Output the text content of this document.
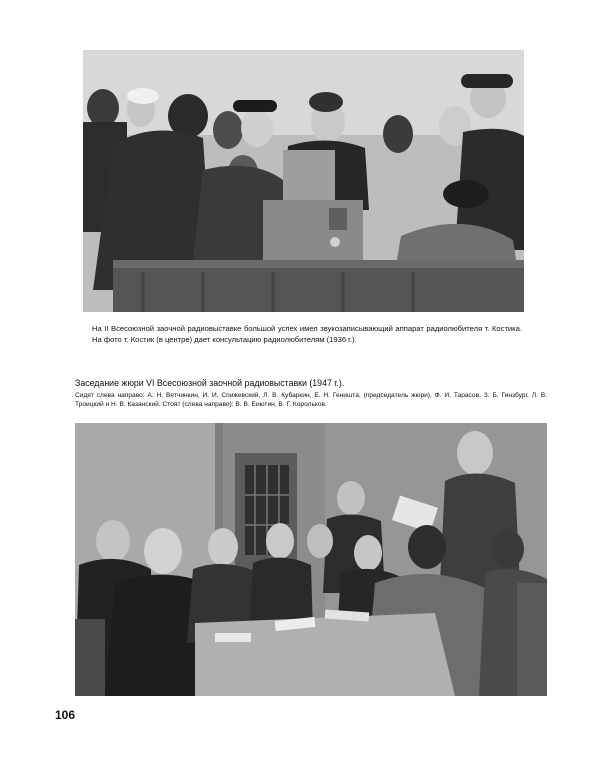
На II Всесоюзной заочной радиовыставке большой успех имел звукозаписывающий аппарат радиолюбителя т. Костика. На фото т. Костик (в центре) дает консультацию радиолюбителям (1936 г.).
Заседание жюри VI Всесоюзной заочной радиовыставки (1947 г.).
Сидят слева направо: А. Н. Ветчинкин, И. И. Спижевский, Л. В. Кубаркин, Е. Н. Геништа, (председатель жюри), Ф. И. Тарасов, З. Б. Гинзбург, Л. В. Троицкий и Н. В. Казанский. Стоят (слева направо): В. В. Еиютин, В. Г. Корольков.
106
